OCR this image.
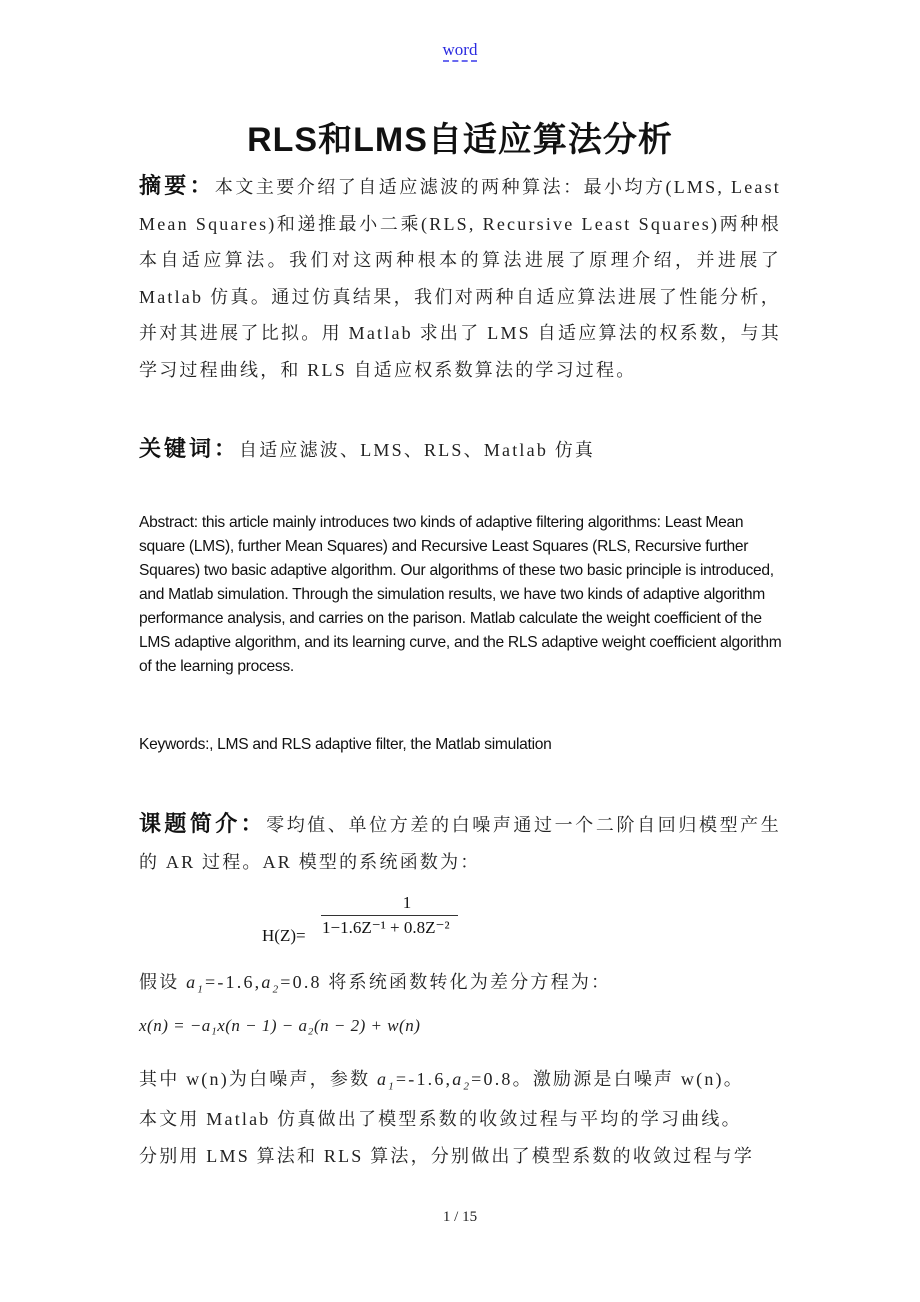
word
RLS和LMS自适应算法分析
摘要：本文主要介绍了自适应滤波的两种算法：最小均方(LMS, Least Mean Squares)和递推最小二乘(RLS, Recursive Least Squares)两种根本自适应算法。我们对这两种根本的算法进展了原理介绍，并进展了 Matlab 仿真。通过仿真结果，我们对两种自适应算法进展了性能分析，并对其进展了比拟。用 Matlab 求出了 LMS 自适应算法的权系数，与其学习过程曲线，和 RLS 自适应权系数算法的学习过程。
关键词：自适应滤波、LMS、RLS、Matlab 仿真
Abstract: this article mainly introduces two kinds of adaptive filtering algorithms: Least Mean square (LMS), further Mean Squares) and Recursive Least Squares (RLS, Recursive further Squares) two basic adaptive algorithm. Our algorithms of these two basic principle is introduced, and Matlab simulation. Through the simulation results, we have two kinds of adaptive algorithm performance analysis, and carries on the parison. Matlab calculate the weight coefficient of the LMS adaptive algorithm, and its learning curve, and the RLS adaptive weight coefficient algorithm of the learning process.
Keywords:, LMS and RLS adaptive filter, the Matlab simulation
课题简介：零均值、单位方差的白噪声通过一个二阶自回归模型产生的 AR 过程。AR 模型的系统函数为：
H(Z)=
1
1−1.6Z⁻¹ + 0.8Z⁻²
假设 $a_1=-1.6,a_2=0.8$ 将系统函数转化为差分方程为：
x(n) = −a₁x(n − 1) − a₂(n − 2) + w(n)
其中 w(n)为白噪声，参数 $a_1=-1.6,a_2=0.8$。激励源是白噪声 w(n)。
本文用 Matlab 仿真做出了模型系数的收敛过程与平均的学习曲线。
分别用 LMS 算法和 RLS 算法，分别做出了模型系数的收敛过程与学
1 / 15
